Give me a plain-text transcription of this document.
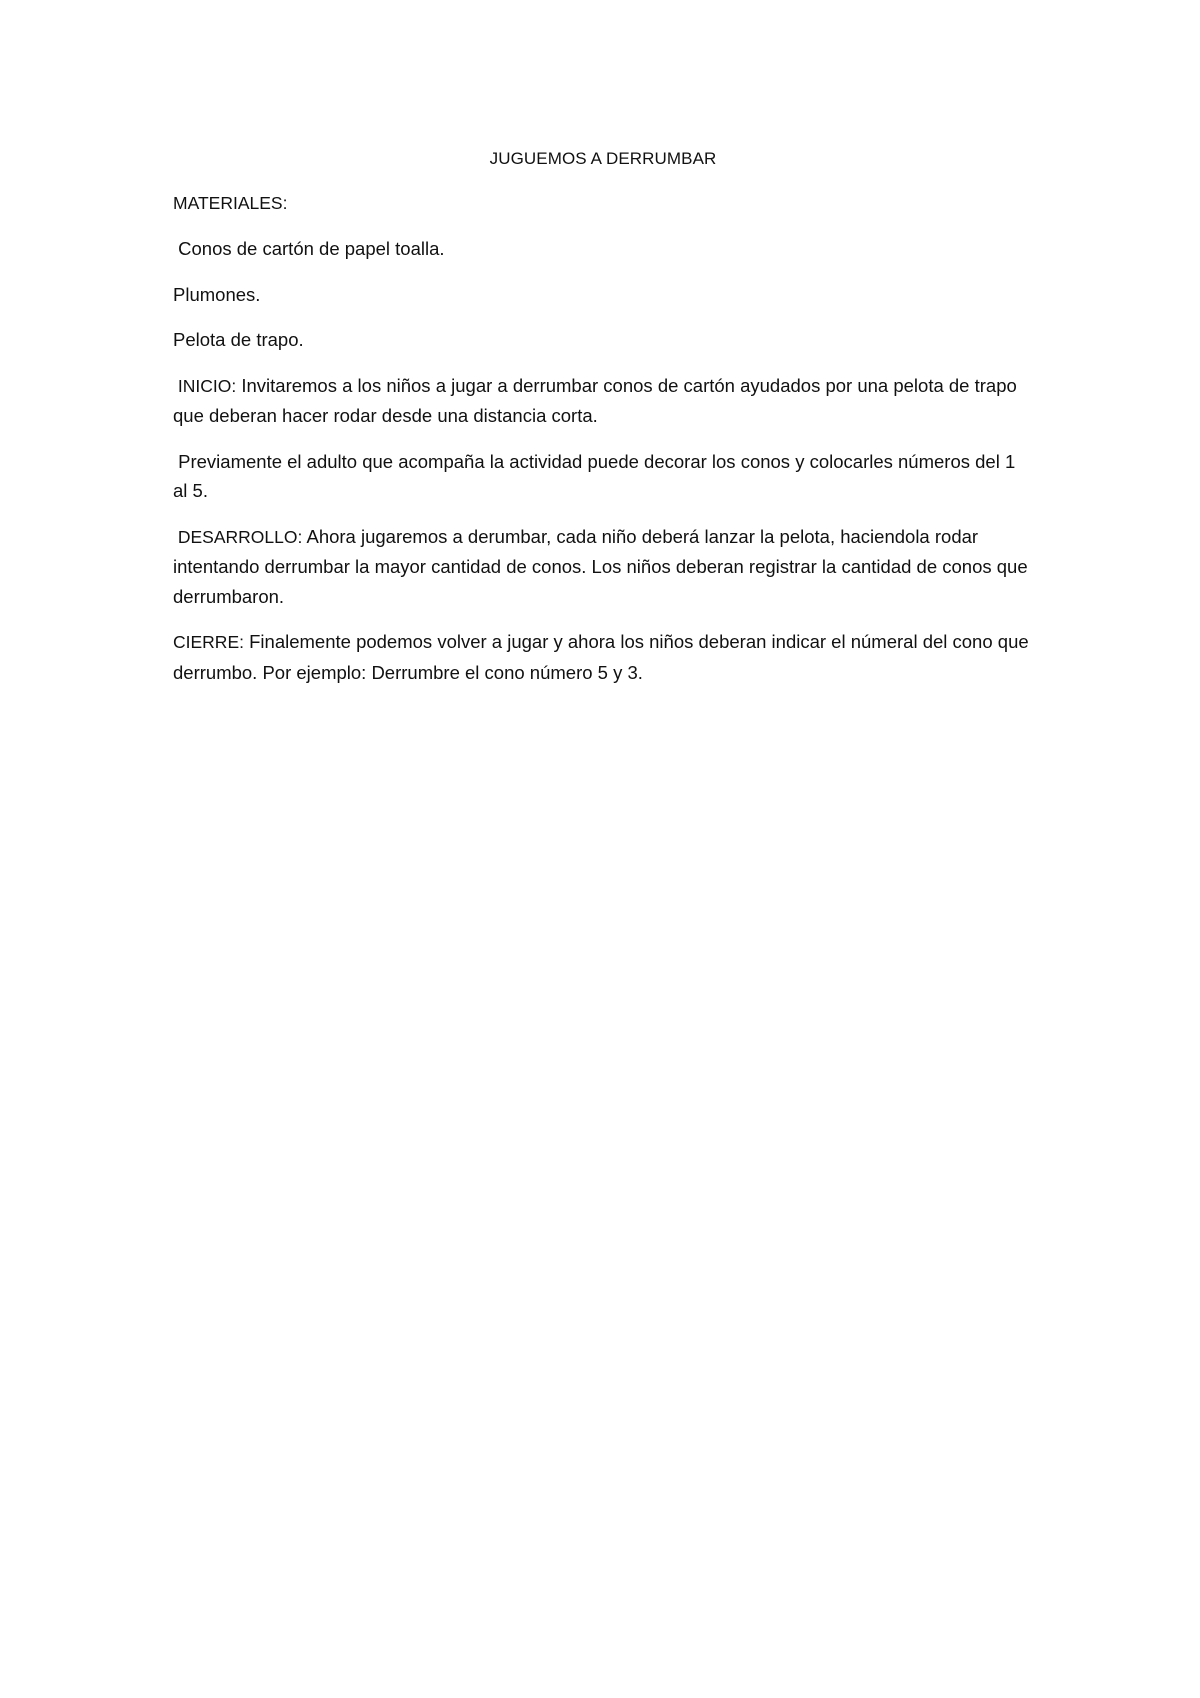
JUGUEMOS A DERRUMBAR

MATERIALES:

Conos de cartón de papel toalla.

Plumones.

Pelota de trapo.

INICIO: Invitaremos a los niños a jugar a derrumbar conos de cartón ayudados por una pelota de trapo que deberan hacer rodar desde una distancia corta.

Previamente el adulto que acompaña la actividad puede decorar los conos y colocarles números del 1 al 5.

DESARROLLO: Ahora jugaremos a derumbar, cada niño deberá lanzar la pelota, haciendola rodar intentando derrumbar la mayor cantidad de conos. Los niños deberan registrar la cantidad de conos que derrumbaron.

CIERRE: Finalemente podemos volver a jugar y ahora los niños deberan indicar el númeral del cono que derrumbo. Por ejemplo: Derrumbre el cono número 5 y 3.
